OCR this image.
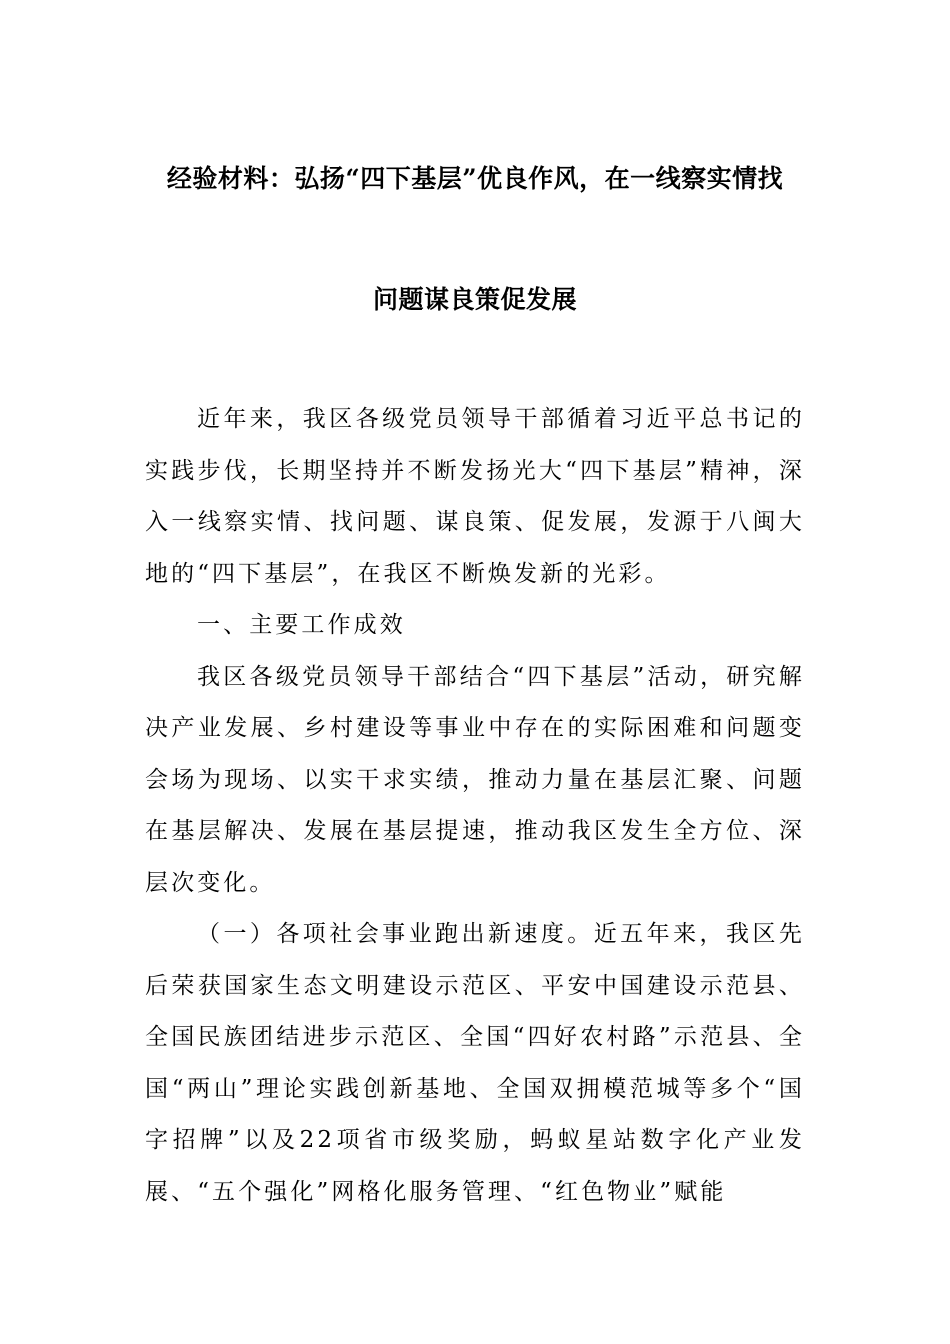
经验材料：弘扬“四下基层”优良作风，在一线察实情找
问题谋良策促发展

近年来，我区各级党员领导干部循着习近平总书记的实践步伐，长期坚持并不断发扬光大“四下基层”精神，深入一线察实情、找问题、谋良策、促发展，发源于八闽大地的“四下基层”，在我区不断焕发新的光彩。

一、主要工作成效

我区各级党员领导干部结合“四下基层”活动，研究解决产业发展、乡村建设等事业中存在的实际困难和问题变会场为现场、以实干求实绩，推动力量在基层汇聚、问题在基层解决、发展在基层提速，推动我区发生全方位、深层次变化。

（一）各项社会事业跑出新速度。近五年来，我区先后荣获国家生态文明建设示范区、平安中国建设示范县、全国民族团结进步示范区、全国“四好农村路”示范县、全国“两山”理论实践创新基地、全国双拥模范城等多个“国字招牌”以及22项省市级奖励，蚂蚁星站数字化产业发展、“五个强化”网格化服务管理、“红色物业”赋能
